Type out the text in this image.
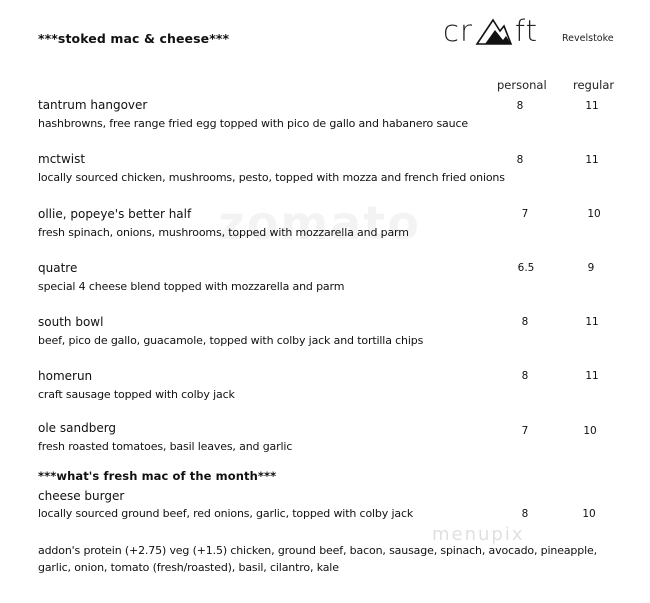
***stoked mac & cheese***	cr ft	Revelstoke
personal regular
tantrum hangover
hashbrowns, free range fried egg topped with pico de gallo and habanero sauce
8	11
mctwist
locally sourced chicken, mushrooms, pesto, topped with mozza and french fried onions
8	11
ollie, popeye's better half
fresh spinach, onions, mushrooms, topped with mozzarella and parm
7	10
quatre
special 4 cheese blend topped with mozzarella and parm
6.5	9
south bowl
beef, pico de gallo, guacamole, topped with colby jack and tortilla chips
8	11
homerun
craft sausage topped with colby jack
8	11
ole sandberg
fresh roasted tomatoes, basil leaves, and garlic
7	10
***what's fresh mac of the month***
cheese burger
locally sourced ground beef, red onions, garlic, topped with colby jack	8	10
menupix
addon's protein (+2.75) veg (+1.5) chicken, ground beef, bacon, sausage, spinach, avocado, pineapple, garlic, onion, tomato (fresh/roasted), basil, cilantro, kale
